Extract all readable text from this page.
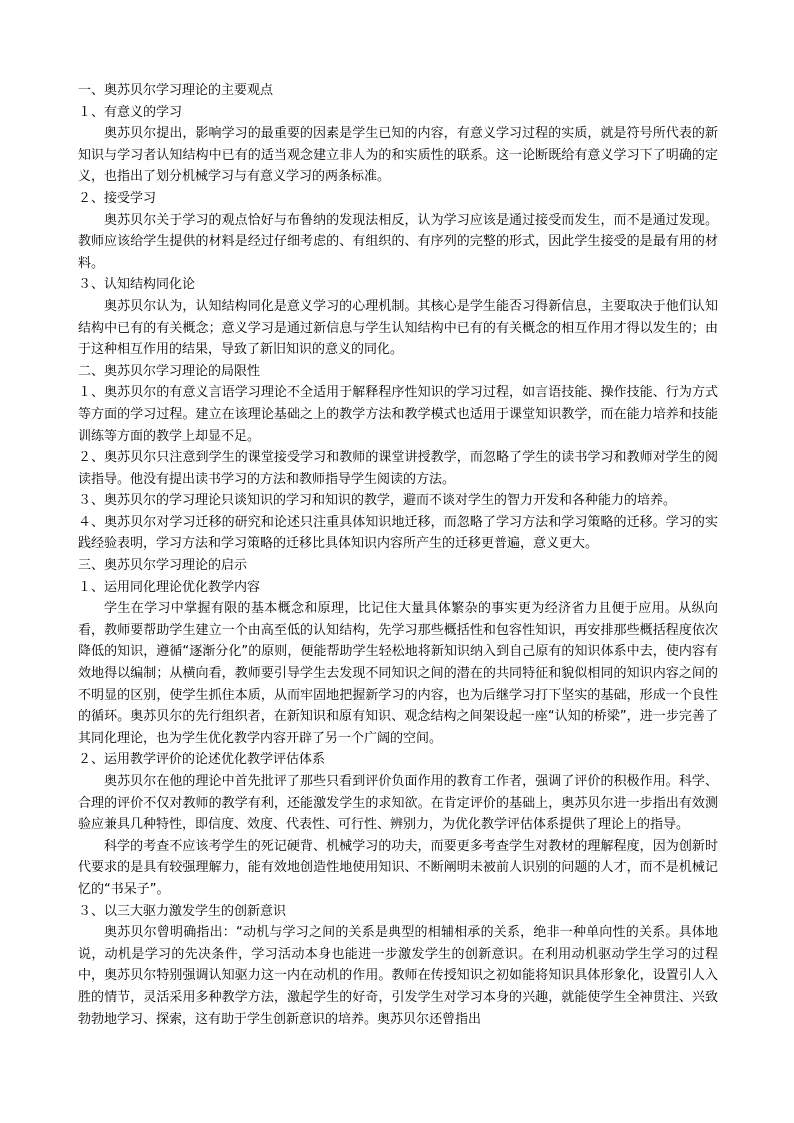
一、奥苏贝尔学习理论的主要观点

１、有意义的学习

奥苏贝尔提出，影响学习的最重要的因素是学生已知的内容，有意义学习过程的实质，就是符号所代表的新知识与学习者认知结构中已有的适当观念建立非人为的和实质性的联系。这一论断既给有意义学习下了明确的定义，也指出了划分机械学习与有意义学习的两条标准。

２、接受学习

奥苏贝尔关于学习的观点恰好与布鲁纳的发现法相反，认为学习应该是通过接受而发生，而不是通过发现。教师应该给学生提供的材料是经过仔细考虑的、有组织的、有序列的完整的形式，因此学生接受的是最有用的材料。

３、认知结构同化论

奥苏贝尔认为，认知结构同化是意义学习的心理机制。其核心是学生能否习得新信息，主要取决于他们认知结构中已有的有关概念；意义学习是通过新信息与学生认知结构中已有的有关概念的相互作用才得以发生的；由于这种相互作用的结果，导致了新旧知识的意义的同化。

二、奥苏贝尔学习理论的局限性

１、奥苏贝尔的有意义言语学习理论不全适用于解释程序性知识的学习过程，如言语技能、操作技能、行为方式等方面的学习过程。建立在该理论基础之上的教学方法和教学模式也适用于课堂知识教学，而在能力培养和技能训练等方面的教学上却显不足。

２、奥苏贝尔只注意到学生的课堂接受学习和教师的课堂讲授教学，而忽略了学生的读书学习和教师对学生的阅读指导。他没有提出读书学习的方法和教师指导学生阅读的方法。

３、奥苏贝尔的学习理论只谈知识的学习和知识的教学，避而不谈对学生的智力开发和各种能力的培养。

４、奥苏贝尔对学习迁移的研究和论述只注重具体知识地迁移，而忽略了学习方法和学习策略的迁移。学习的实践经验表明，学习方法和学习策略的迁移比具体知识内容所产生的迁移更普遍，意义更大。

三、奥苏贝尔学习理论的启示

１、运用同化理论优化教学内容

学生在学习中掌握有限的基本概念和原理，比记住大量具体繁杂的事实更为经济省力且便于应用。从纵向看，教师要帮助学生建立一个由高至低的认知结构，先学习那些概括性和包容性知识，再安排那些概括程度依次降低的知识，遵循“逐渐分化”的原则，便能帮助学生轻松地将新知识纳入到自己原有的知识体系中去，使内容有效地得以编制；从横向看，教师要引导学生去发现不同知识之间的潜在的共同特征和貌似相同的知识内容之间的不明显的区别，使学生抓住本质，从而牢固地把握新学习的内容，也为后继学习打下坚实的基础，形成一个良性的循环。奥苏贝尔的先行组织者，在新知识和原有知识、观念结构之间架设起一座“认知的桥梁”，进一步完善了其同化理论，也为学生优化教学内容开辟了另一个广阔的空间。

２、运用教学评价的论述优化教学评估体系

奥苏贝尔在他的理论中首先批评了那些只看到评价负面作用的教育工作者，强调了评价的积极作用。科学、合理的评价不仅对教师的教学有利，还能激发学生的求知欲。在肯定评价的基础上，奥苏贝尔进一步指出有效测验应兼具几种特性，即信度、效度、代表性、可行性、辨别力，为优化教学评估体系提供了理论上的指导。

科学的考查不应该考学生的死记硬背、机械学习的功夫，而要更多考查学生对教材的理解程度，因为创新时代要求的是具有较强理解力，能有效地创造性地使用知识、不断阐明未被前人识别的问题的人才，而不是机械记忆的“书呆子”。

３、以三大驱力激发学生的创新意识

奥苏贝尔曾明确指出：“动机与学习之间的关系是典型的相辅相承的关系，绝非一种单向性的关系。具体地说，动机是学习的先决条件，学习活动本身也能进一步激发学生的创新意识。在利用动机驱动学生学习的过程中，奥苏贝尔特别强调认知驱力这一内在动机的作用。教师在传授知识之初如能将知识具体形象化，设置引人入胜的情节，灵活采用多种教学方法，激起学生的好奇，引发学生对学习本身的兴趣，就能使学生全神贯注、兴致勃勃地学习、探索，这有助于学生创新意识的培养。奥苏贝尔还曾指出
